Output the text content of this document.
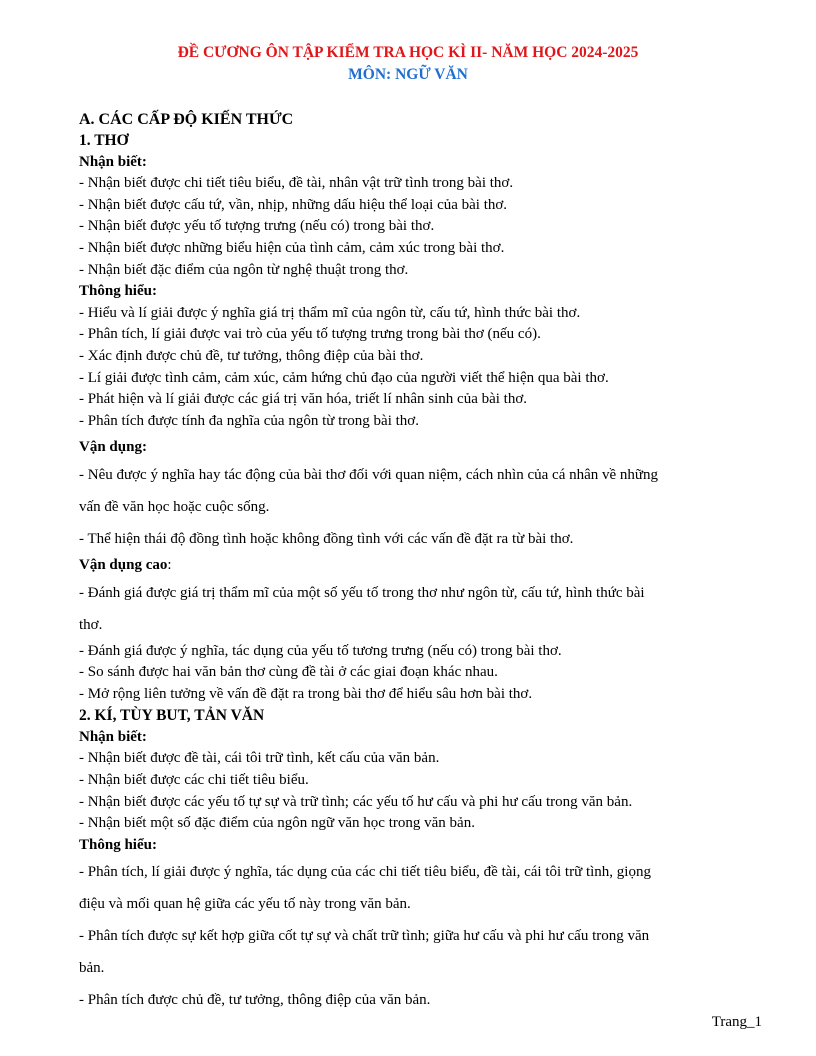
ĐỀ CƯƠNG ÔN TẬP KIỂM TRA HỌC KÌ II- NĂM HỌC 2024-2025
MÔN: NGỮ VĂN
A. CÁC CẤP ĐỘ KIẾN THỨC
1. THƠ
Nhận biết:
- Nhận biết được chi tiết tiêu biểu, đề tài, nhân vật trữ tình trong bài thơ.
- Nhận biết được cấu tứ, vần, nhịp, những dấu hiệu thể loại của bài thơ.
- Nhận biết được yếu tố tượng trưng (nếu có) trong bài thơ.
- Nhận biết được những biểu hiện của tình cảm, cảm xúc trong bài thơ.
- Nhận biết đặc điểm của ngôn từ nghệ thuật trong thơ.
Thông hiểu:
- Hiểu và lí giải được ý nghĩa giá trị thẩm mĩ của ngôn từ, cấu tứ, hình thức bài thơ.
- Phân tích, lí giải được vai trò của yếu tố tượng trưng trong bài thơ (nếu có).
- Xác định được chủ đề, tư tưởng, thông điệp của bài thơ.
- Lí giải được tình cảm, cảm xúc, cảm hứng chủ đạo của người viết thể hiện qua bài thơ.
- Phát hiện và lí giải được các giá trị văn hóa, triết lí nhân sinh của bài thơ.
- Phân tích được tính đa nghĩa của ngôn từ trong bài thơ.
Vận dụng:
- Nêu được ý nghĩa hay tác động của bài thơ đối với quan niệm, cách nhìn của cá nhân về những
vấn đề văn học hoặc cuộc sống.
- Thể hiện thái độ đồng tình hoặc không đồng tình với các vấn đề đặt ra từ bài thơ.
Vận dụng cao:
- Đánh giá được giá trị thẩm mĩ của một số yếu tố trong thơ như ngôn từ, cấu tứ, hình thức bài
thơ.
- Đánh giá được ý nghĩa, tác dụng của yếu tố tương trưng (nếu có) trong bài thơ.
- So sánh được hai văn bản thơ cùng đề tài ở các giai đoạn khác nhau.
- Mở rộng liên tưởng về vấn đề đặt ra trong bài thơ để hiểu sâu hơn bài thơ.
2. KÍ, TÙY BUT, TẢN VĂN
Nhận biết:
- Nhận biết được đề tài, cái tôi trữ tình, kết cấu của văn bản.
- Nhận biết được các chi tiết tiêu biểu.
- Nhận biết được các yếu tố tự sự và trữ tình; các yếu tố hư cấu và phi hư cấu trong văn bản.
- Nhận biết một số đặc điểm của ngôn ngữ văn học trong văn bản.
Thông hiểu:
- Phân tích, lí giải được ý nghĩa, tác dụng của các chi tiết tiêu biểu, đề tài, cái tôi trữ tình, giọng
điệu và mối quan hệ giữa các yếu tố này trong văn bản.
- Phân tích được sự kết hợp giữa cốt tự sự và chất trữ tình; giữa hư cấu và phi hư cấu trong văn
bản.
- Phân tích được chủ đề, tư tưởng, thông điệp của văn bản.
Trang_1
